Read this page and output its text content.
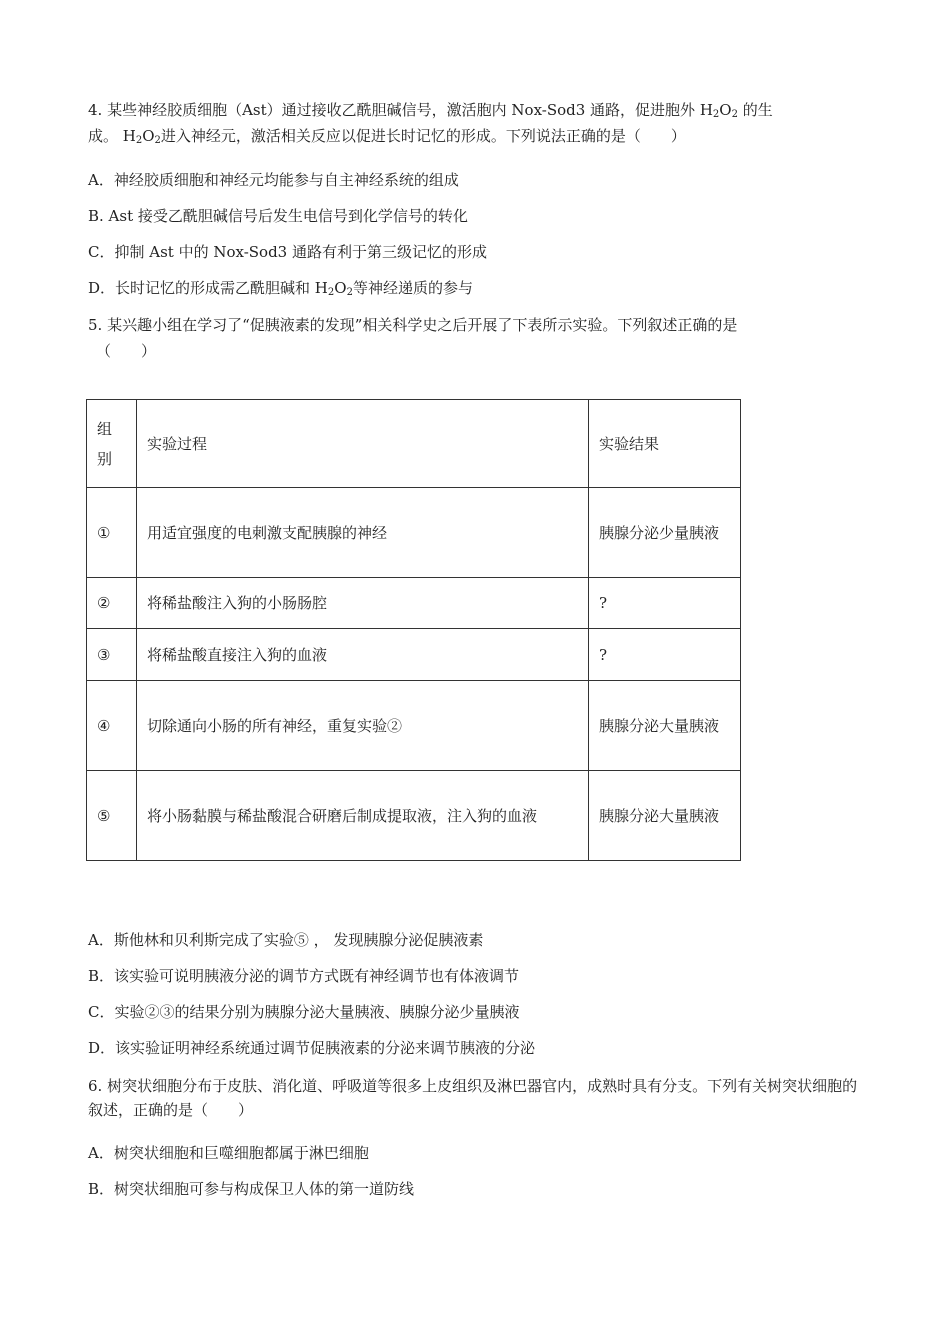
4. 某些神经胶质细胞（Ast）通过接收乙酰胆碱信号，激活胞内 Nox-Sod3 通路，促进胞外 $H_2O_2$ 的生
成。 $H_2O_2$进入神经元，激活相关反应以促进长时记忆的形成。下列说法正确的是（　　）
A．神经胶质细胞和神经元均能参与自主神经系统的组成
B. Ast 接受乙酰胆碱信号后发生电信号到化学信号的转化
C．抑制 Ast 中的 Nox-Sod3 通路有利于第三级记忆的形成
D．长时记忆的形成需乙酰胆碱和 $H_2O_2$等神经递质的参与
5. 某兴趣小组在学习了“促胰液素的发现”相关科学史之后开展了下表所示实验。下列叙述正确的是
（　　）
组
别	实验过程	实验结果
①	用适宜强度的电刺激支配胰腺的神经	胰腺分泌少量胰液
②	将稀盐酸注入狗的小肠肠腔	?
③	将稀盐酸直接注入狗的血液	?
④	切除通向小肠的所有神经，重复实验②	胰腺分泌大量胰液
⑤	将小肠黏膜与稀盐酸混合研磨后制成提取液，注入狗的血液	胰腺分泌大量胰液
A．斯他林和贝利斯完成了实验⑤ ， 发现胰腺分泌促胰液素
B．该实验可说明胰液分泌的调节方式既有神经调节也有体液调节
C．实验②③的结果分别为胰腺分泌大量胰液、胰腺分泌少量胰液
D．该实验证明神经系统通过调节促胰液素的分泌来调节胰液的分泌
6. 树突状细胞分布于皮肤、消化道、呼吸道等很多上皮组织及淋巴器官内，成熟时具有分支。下列有关树突状细胞的叙述，正确的是（　　）
A．树突状细胞和巨噬细胞都属于淋巴细胞
B．树突状细胞可参与构成保卫人体的第一道防线
